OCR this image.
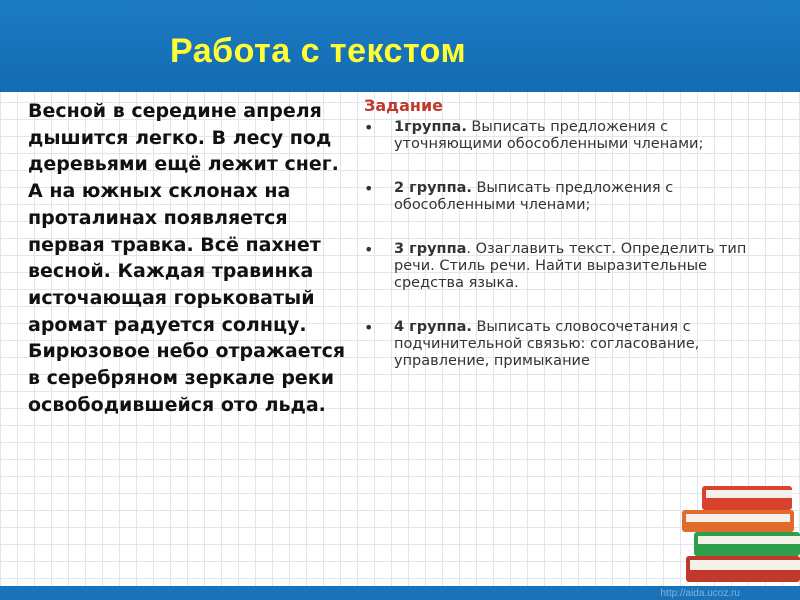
Работа с текстом

Весной в середине апреля дышится легко. В лесу под деревьями ещё лежит снег. А на южных склонах на проталинах появляется первая травка. Всё пахнет весной. Каждая травинка источающая горьковатый аромат радуется солнцу. Бирюзовое небо отражается в серебряном зеркале реки освободившейся ото льда.

Задание
• 1группа. Выписать предложения с уточняющими обособленными членами;
• 2 группа. Выписать предложения с обособленными членами;
• 3 группа. Озаглавить текст. Определить тип речи. Стиль речи. Найти выразительные средства языка.
• 4 группа. Выписать словосочетания с подчинительной связью: согласование, управление, примыкание
http://aida.ucoz.ru
